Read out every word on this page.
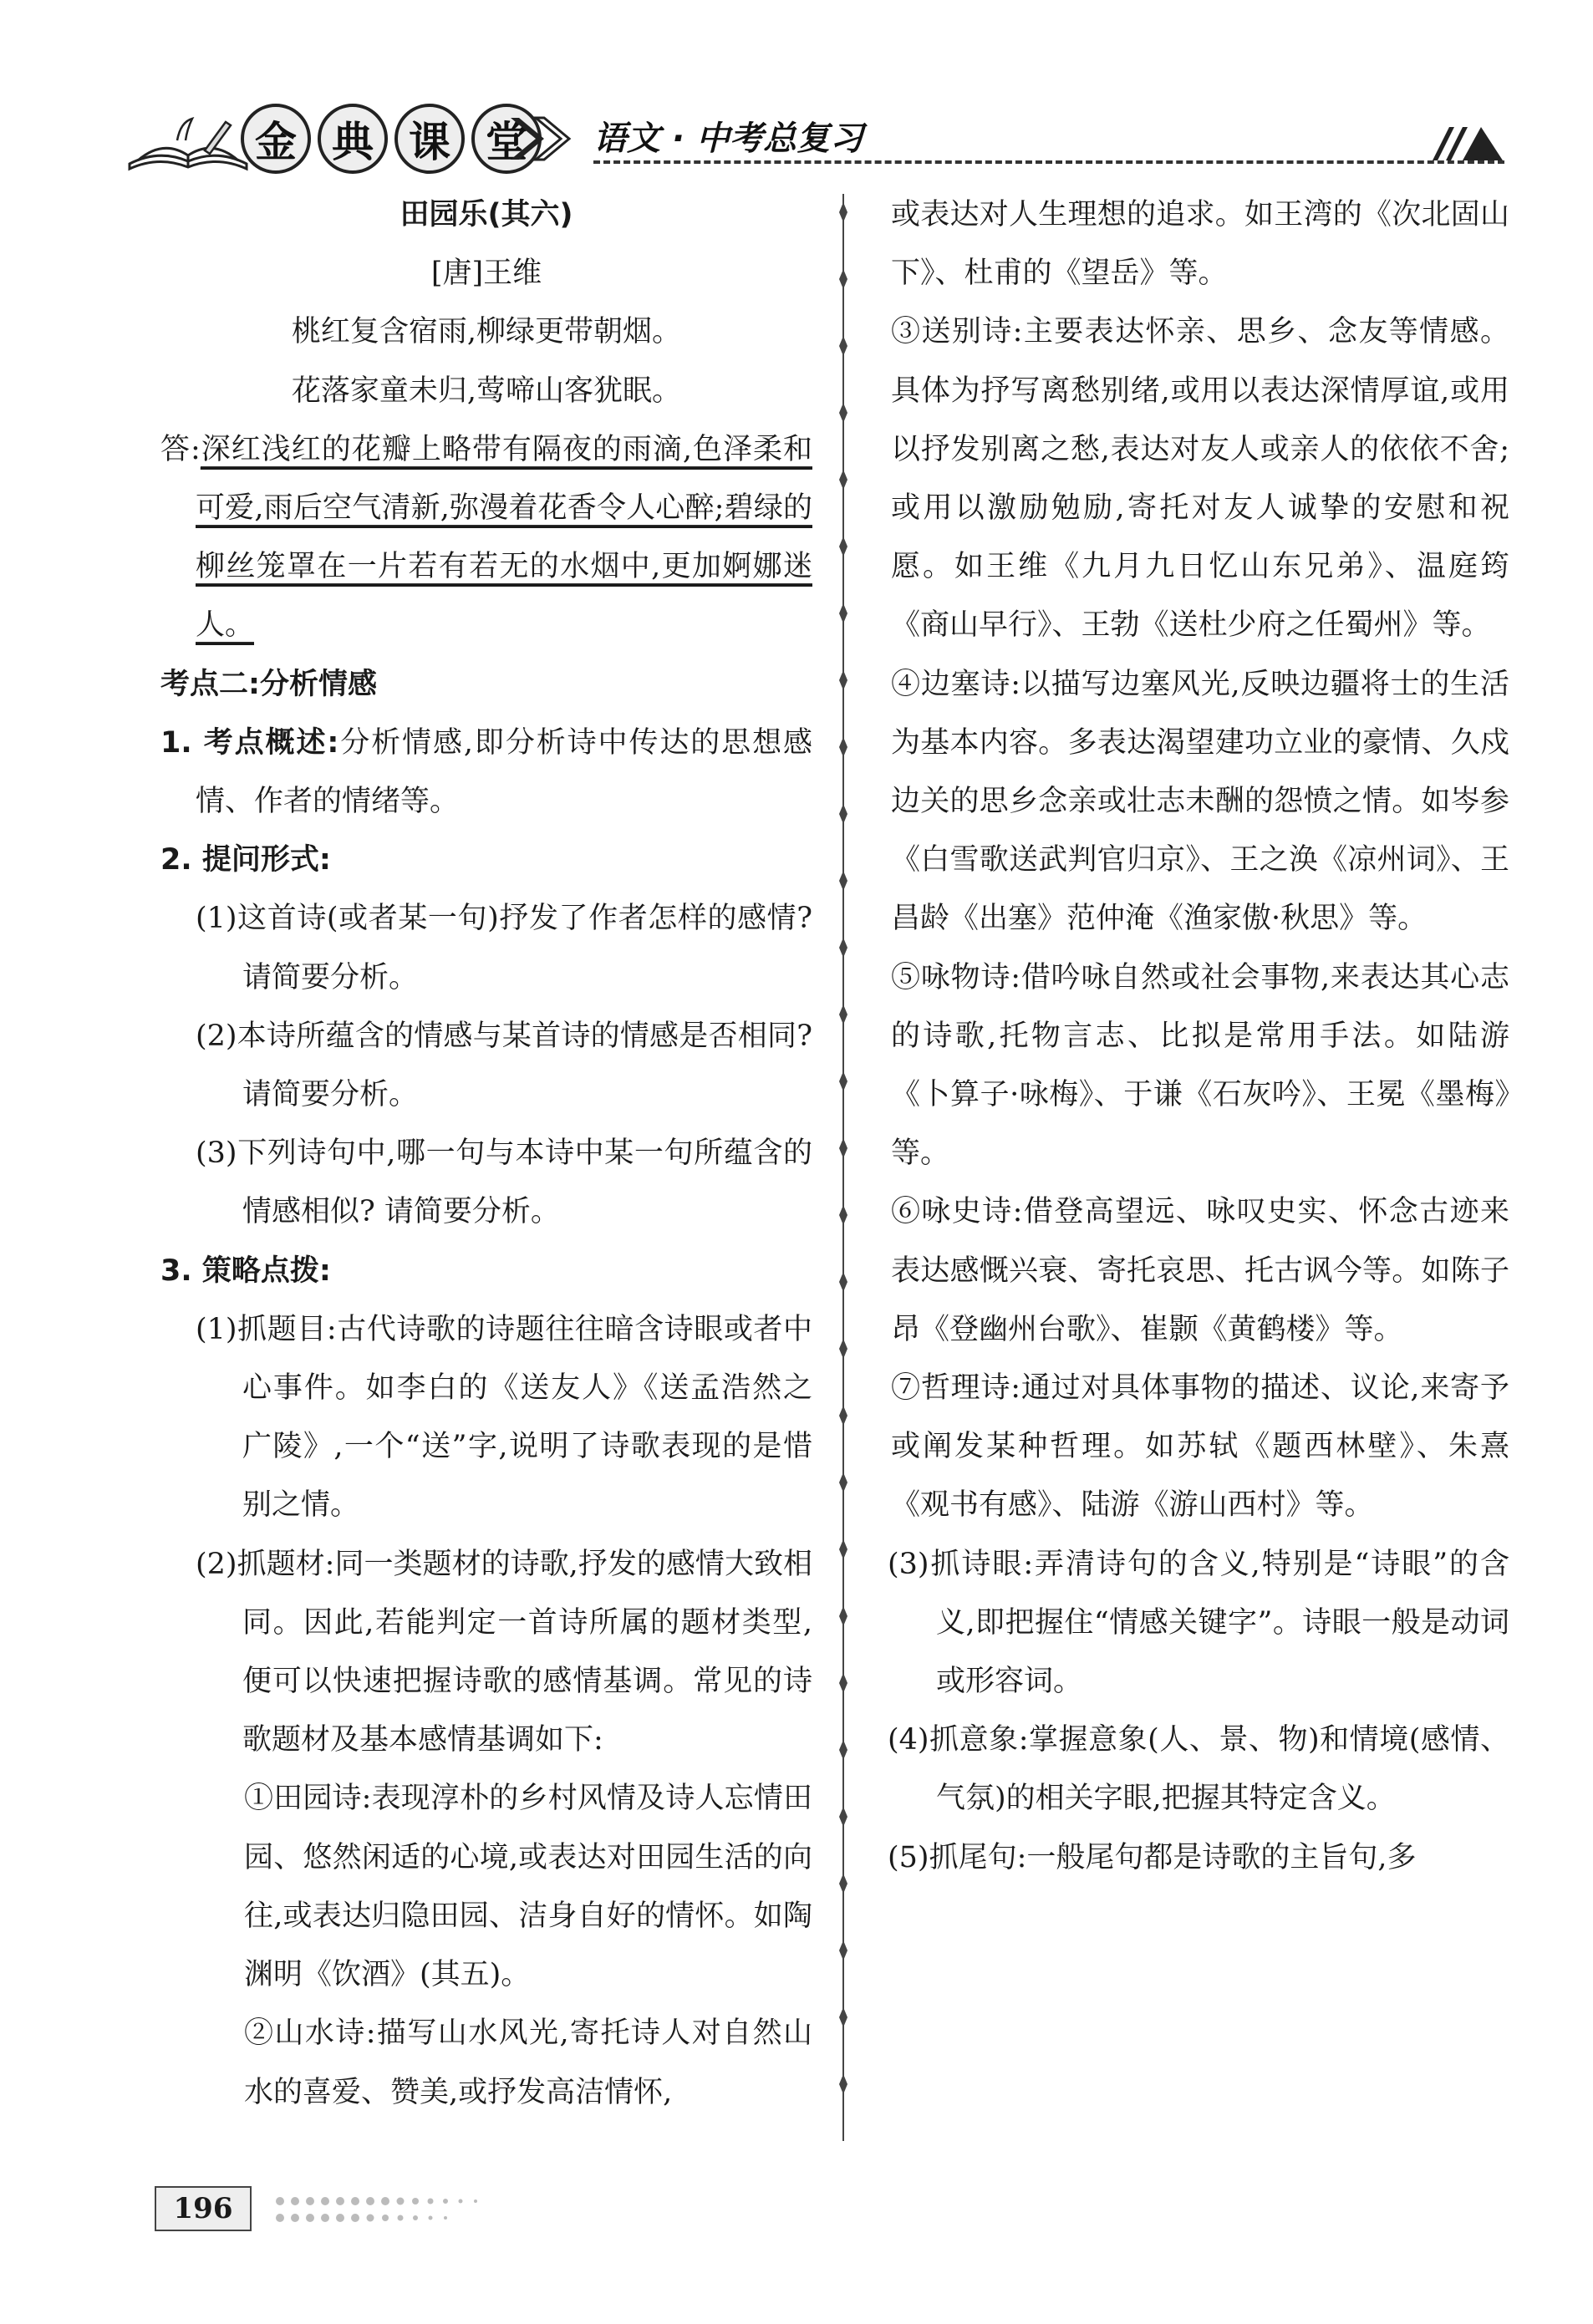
金 典 课 堂	语文 · 中考总复习

田园乐(其六)

[唐]王维

桃红复含宿雨,柳绿更带朝烟。

花落家童未归,莺啼山客犹眠。

答:深红浅红的花瓣上略带有隔夜的雨滴,色泽柔和可爱,雨后空气清新,弥漫着花香令人心醉;碧绿的柳丝笼罩在一片若有若无的水烟中,更加婀娜迷人。

考点二:分析情感

1. 考点概述:分析情感,即分析诗中传达的思想感情、作者的情绪等。

2. 提问形式:

(1)这首诗(或者某一句)抒发了作者怎样的感情? 请简要分析。

(2)本诗所蕴含的情感与某首诗的情感是否相同? 请简要分析。

(3)下列诗句中,哪一句与本诗中某一句所蕴含的情感相似? 请简要分析。

3. 策略点拨:

(1)抓题目:古代诗歌的诗题往往暗含诗眼或者中心事件。如李白的《送友人》《送孟浩然之广陵》,一个“送”字,说明了诗歌表现的是惜别之情。

(2)抓题材:同一类题材的诗歌,抒发的感情大致相同。因此,若能判定一首诗所属的题材类型,便可以快速把握诗歌的感情基调。常见的诗歌题材及基本感情基调如下:

①田园诗:表现淳朴的乡村风情及诗人忘情田园、悠然闲适的心境,或表达对田园生活的向往,或表达归隐田园、洁身自好的情怀。如陶渊明《饮酒》(其五)。

②山水诗:描写山水风光,寄托诗人对自然山水的喜爱、赞美,或抒发高洁情怀,

或表达对人生理想的追求。如王湾的《次北固山下》、杜甫的《望岳》等。

③送别诗:主要表达怀亲、思乡、念友等情感。具体为抒写离愁别绪,或用以表达深情厚谊,或用以抒发别离之愁,表达对友人或亲人的依依不舍;或用以激励勉励,寄托对友人诚挚的安慰和祝愿。如王维《九月九日忆山东兄弟》、温庭筠《商山早行》、王勃《送杜少府之任蜀州》等。

④边塞诗:以描写边塞风光,反映边疆将士的生活为基本内容。多表达渴望建功立业的豪情、久戍边关的思乡念亲或壮志未酬的怨愤之情。如岑参《白雪歌送武判官归京》、王之涣《凉州词》、王昌龄《出塞》范仲淹《渔家傲·秋思》等。

⑤咏物诗:借吟咏自然或社会事物,来表达其心志的诗歌,托物言志、比拟是常用手法。如陆游《卜算子·咏梅》、于谦《石灰吟》、王冕《墨梅》等。

⑥咏史诗:借登高望远、咏叹史实、怀念古迹来表达感慨兴衰、寄托哀思、托古讽今等。如陈子昂《登幽州台歌》、崔颢《黄鹤楼》等。

⑦哲理诗:通过对具体事物的描述、议论,来寄予或阐发某种哲理。如苏轼《题西林壁》、朱熹《观书有感》、陆游《游山西村》等。

(3)抓诗眼:弄清诗句的含义,特别是“诗眼”的含义,即把握住“情感关键字”。诗眼一般是动词或形容词。

(4)抓意象:掌握意象(人、景、物)和情境(感情、气氛)的相关字眼,把握其特定含义。

(5)抓尾句:一般尾句都是诗歌的主旨句,多

196
